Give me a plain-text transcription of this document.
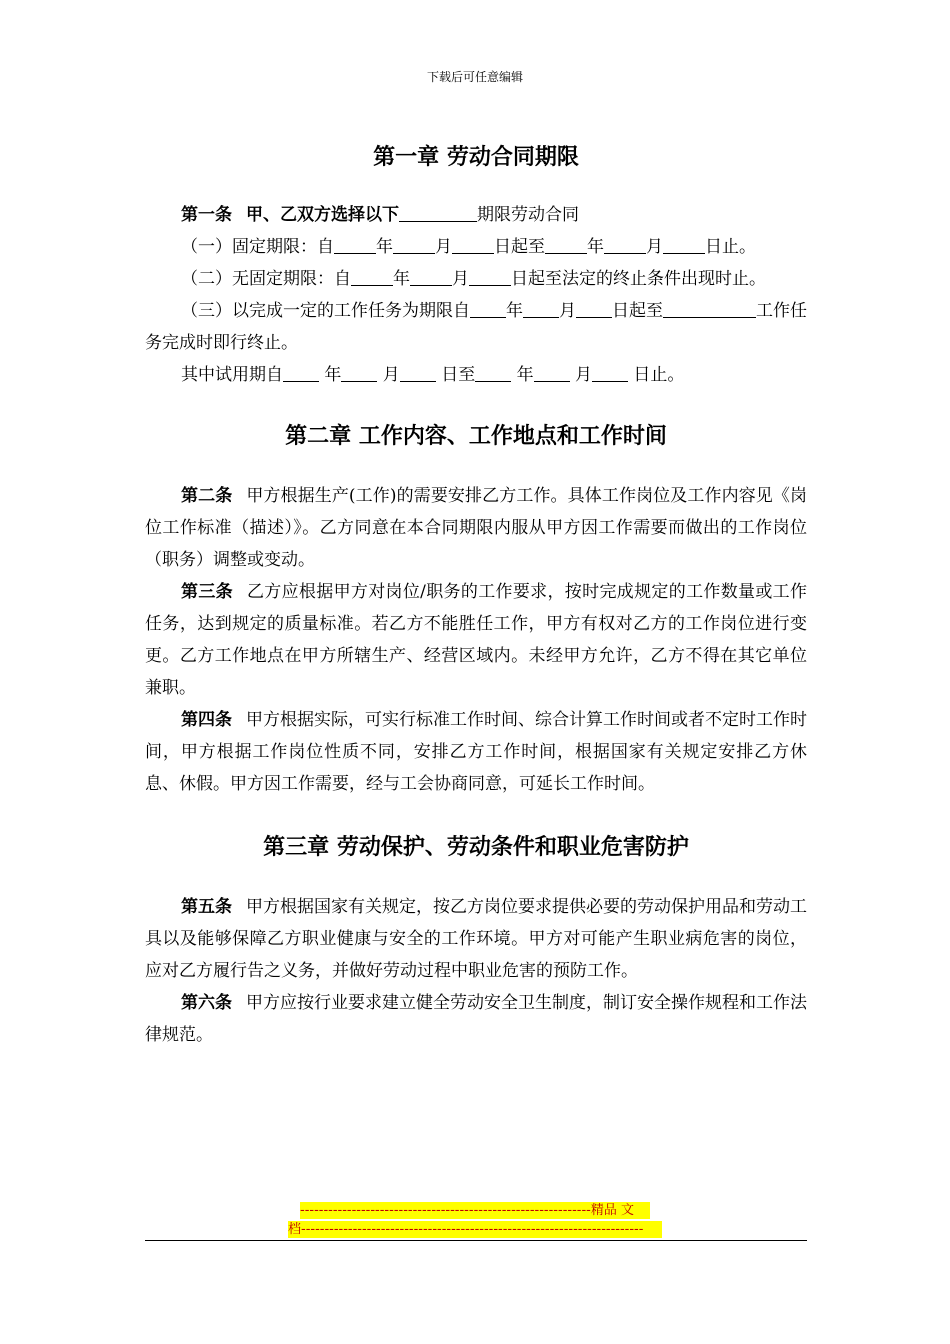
下载后可任意编辑
第一章 劳动合同期限

第一条 甲、乙双方选择以下	期限劳动合同

（一）固定期限：自 年 月 日起至 年 月 日止。

（二）无固定期限：自 年 月 日起至法定的终止条件出现时止。

（三）以完成一定的工作任务为期限自 年 月 日起至	工作任务完成时即行终止。

其中试用期自 年 月 日至 年 月 日止。

第二章 工作内容、工作地点和工作时间

第二条 甲方根据生产(工作)的需要安排乙方工作。具体工作岗位及工作内容见《岗位工作标准（描述）》。乙方同意在本合同期限内服从甲方因工作需要而做出的工作岗位（职务）调整或变动。

第三条 乙方应根据甲方对岗位/职务的工作要求，按时完成规定的工作数量或工作任务，达到规定的质量标准。若乙方不能胜任工作，甲方有权对乙方的工作岗位进行变更。乙方工作地点在甲方所辖生产、经营区域内。未经甲方允许，乙方不得在其它单位兼职。

第四条 甲方根据实际，可实行标准工作时间、综合计算工作时间或者不定时工作时间，甲方根据工作岗位性质不同，安排乙方工作时间，根据国家有关规定安排乙方休息、休假。甲方因工作需要，经与工会协商同意，可延长工作时间。

第三章 劳动保护、劳动条件和职业危害防护

第五条 甲方根据国家有关规定，按乙方岗位要求提供必要的劳动保护用品和劳动工具以及能够保障乙方职业健康与安全的工作环境。甲方对可能产生职业病危害的岗位，应对乙方履行告之义务，并做好劳动过程中职业危害的预防工作。

第六条 甲方应按行业要求建立健全劳动安全卫生制度，制订安全操作规程和工作法律规范。

--------------------------------------------------------------精品 文
档-------------------------------------------------------------------------
